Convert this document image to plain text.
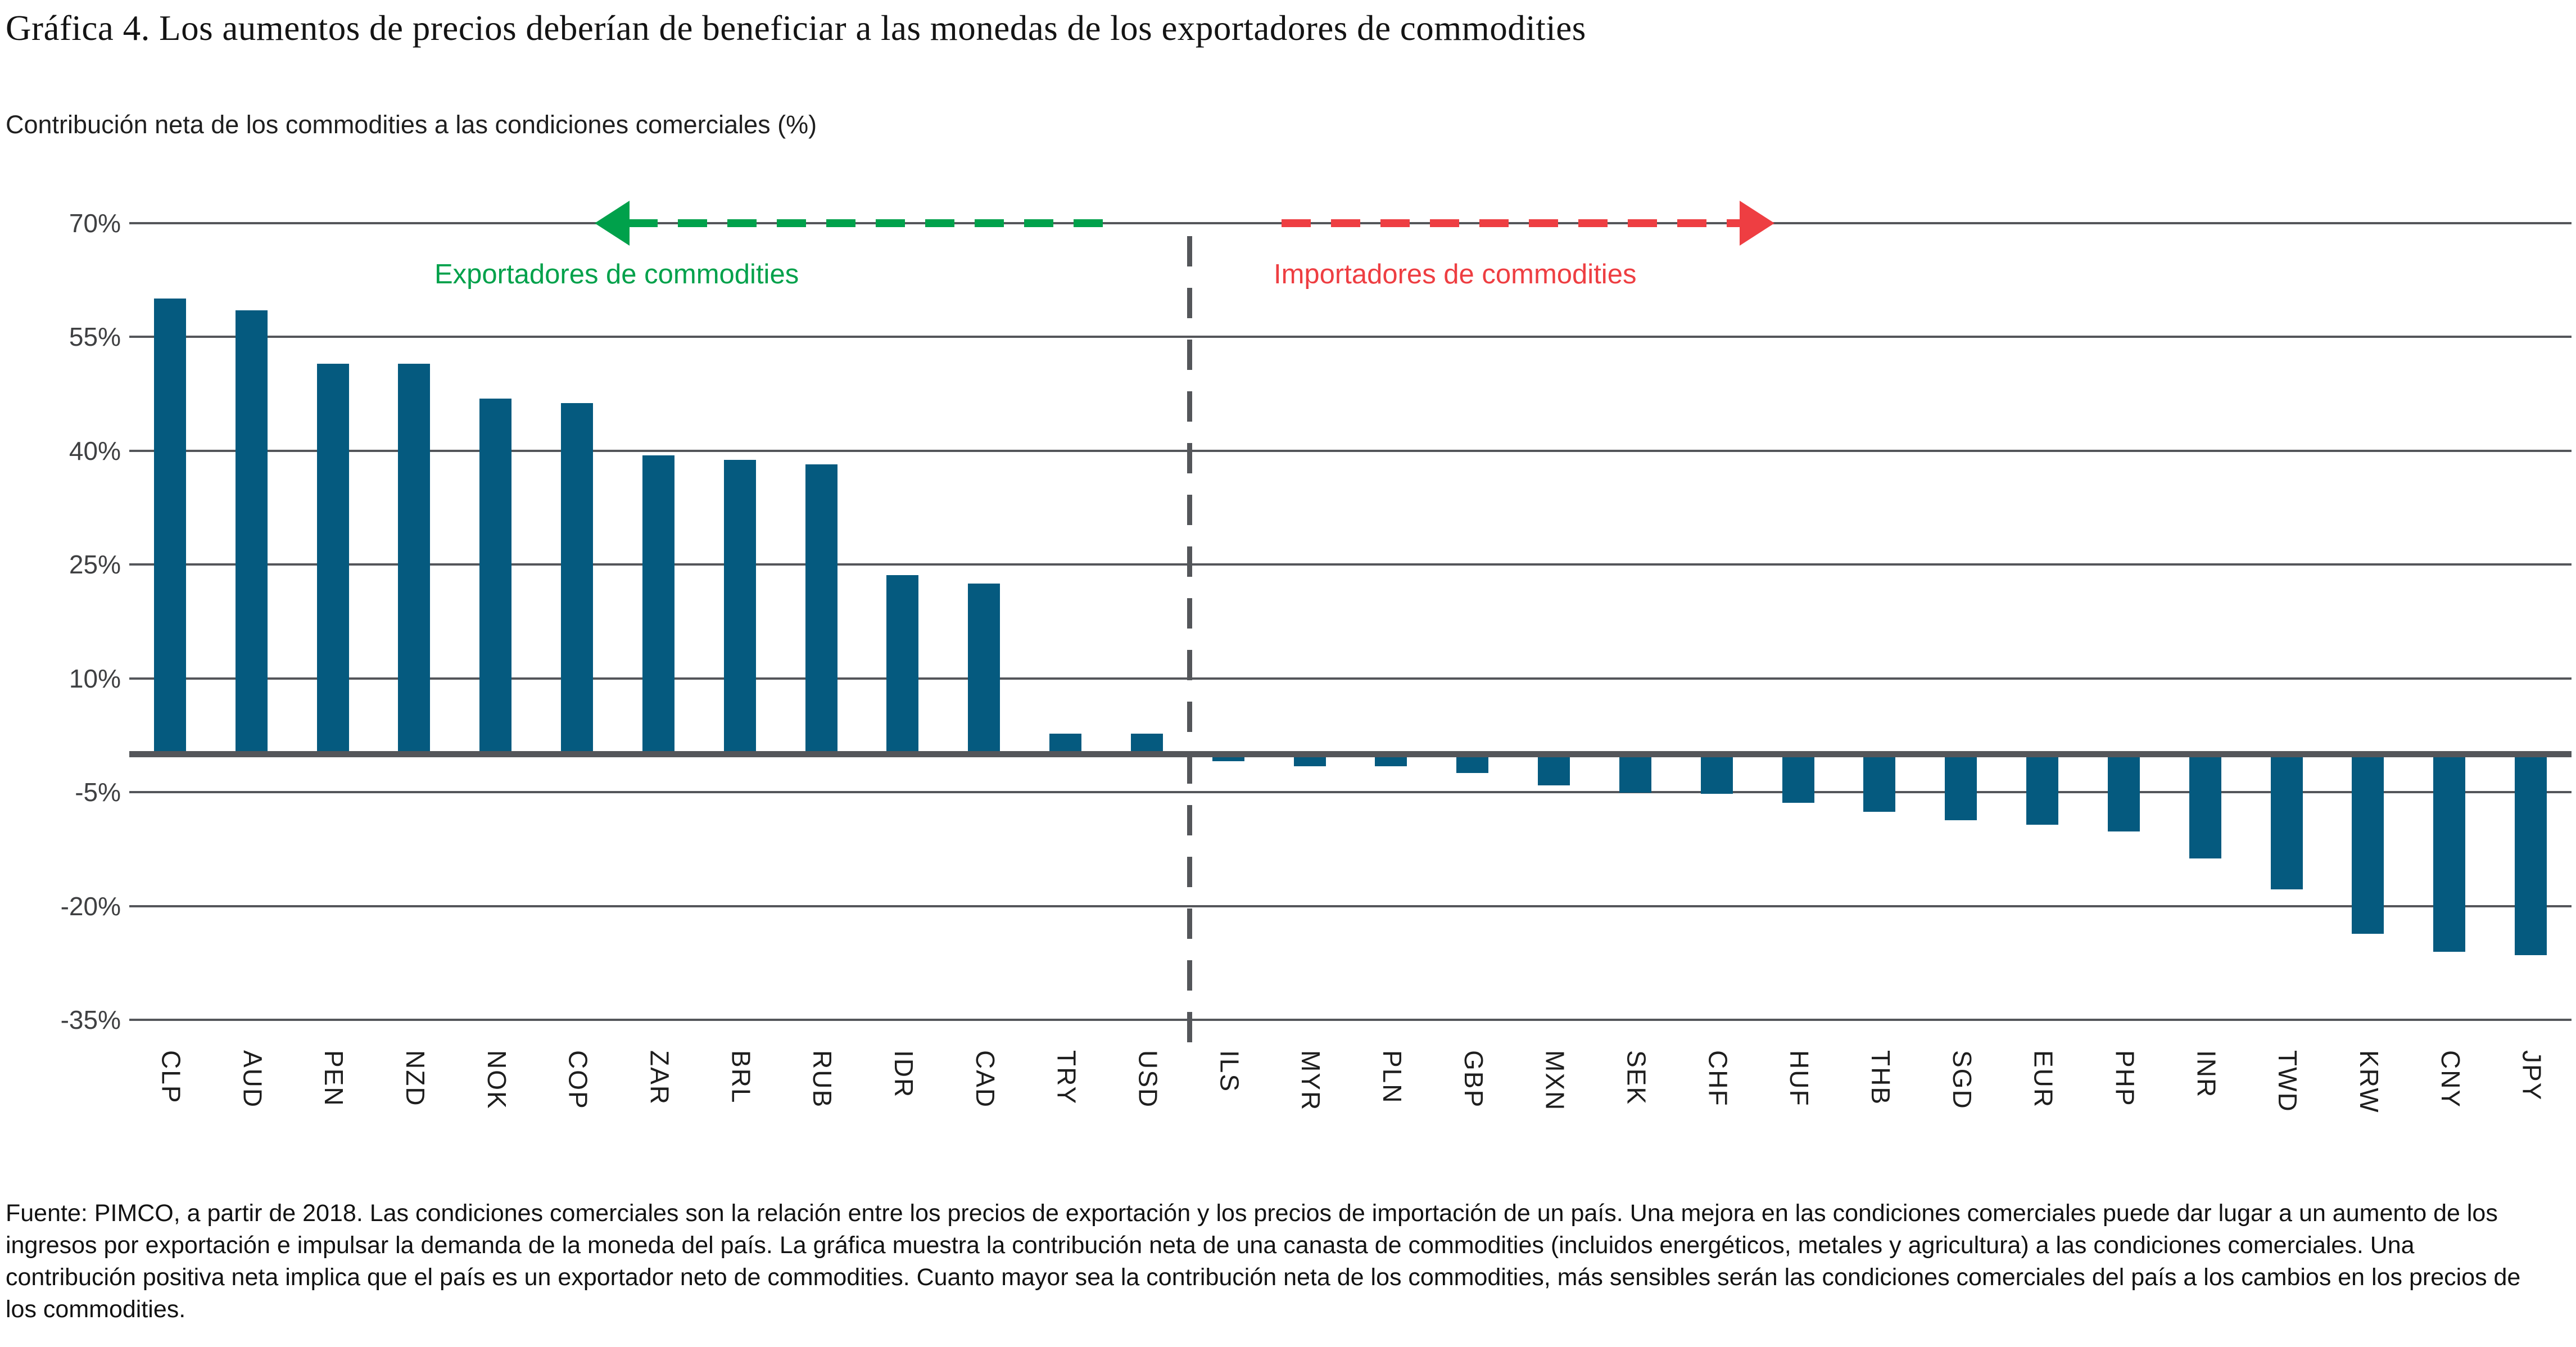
Gráfica 4. Los aumentos de precios deberían de beneficiar a las monedas de los exportadores de commodities
Contribución neta de los commodities a las condiciones comerciales (%)
Exportadores de commodities	Importadores de commodities
70%
55%
40%
25%
10%
-5%
-20%
-35%
CLP AUD PEN NZD NOK COP ZAR BRL RUB IDR CAD TRY USD ILS MYR PLN GBP MXN SEK CHF HUF THB SGD EUR PHP INR TWD KRW CNY JPY
Fuente: PIMCO, a partir de 2018. Las condiciones comerciales son la relación entre los precios de exportación y los precios de importación de un país. Una mejora en las condiciones comerciales puede dar lugar a un aumento de los ingresos por exportación e impulsar la demanda de la moneda del país. La gráfica muestra la contribución neta de una canasta de commodities (incluidos energéticos, metales y agricultura) a las condiciones comerciales. Una contribución positiva neta implica que el país es un exportador neto de commodities. Cuanto mayor sea la contribución neta de los commodities, más sensibles serán las condiciones comerciales del país a los cambios en los precios de los commodities.
